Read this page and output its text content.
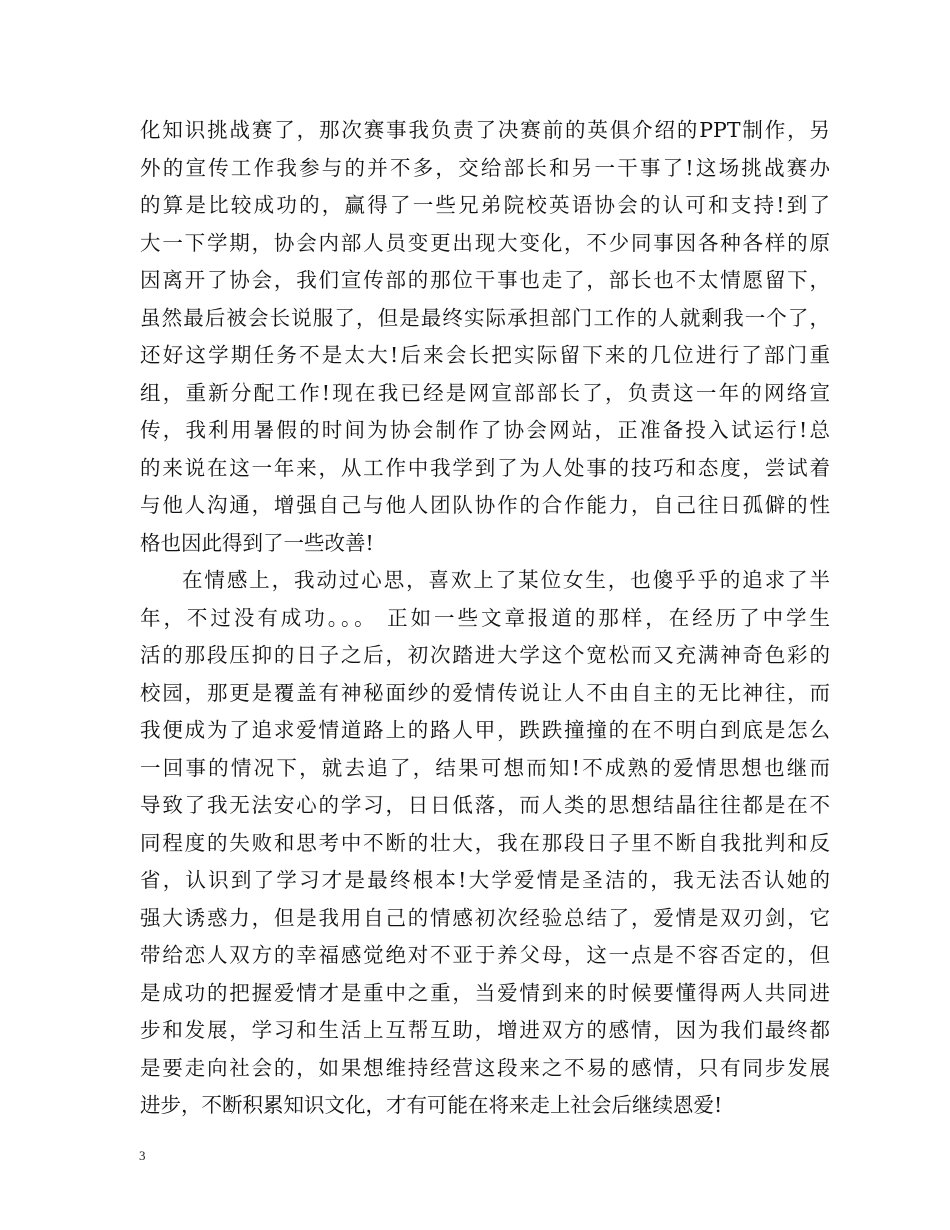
化知识挑战赛了，那次赛事我负责了决赛前的英俱介绍的PPT制作，另
外的宣传工作我参与的并不多，交给部长和另一干事了!这场挑战赛办
的算是比较成功的，赢得了一些兄弟院校英语协会的认可和支持!到了
大一下学期，协会内部人员变更出现大变化，不少同事因各种各样的原
因离开了协会，我们宣传部的那位干事也走了，部长也不太情愿留下，
虽然最后被会长说服了，但是最终实际承担部门工作的人就剩我一个了，
还好这学期任务不是太大!后来会长把实际留下来的几位进行了部门重
组，重新分配工作!现在我已经是网宣部部长了，负责这一年的网络宣
传，我利用暑假的时间为协会制作了协会网站，正准备投入试运行!总
的来说在这一年来，从工作中我学到了为人处事的技巧和态度，尝试着
与他人沟通，增强自己与他人团队协作的合作能力，自己往日孤僻的性
格也因此得到了一些改善!
在情感上，我动过心思，喜欢上了某位女生，也傻乎乎的追求了半
年，不过没有成功。。。 正如一些文章报道的那样，在经历了中学生
活的那段压抑的日子之后，初次踏进大学这个宽松而又充满神奇色彩的
校园，那更是覆盖有神秘面纱的爱情传说让人不由自主的无比神往，而
我便成为了追求爱情道路上的路人甲，跌跌撞撞的在不明白到底是怎么
一回事的情况下，就去追了，结果可想而知!不成熟的爱情思想也继而
导致了我无法安心的学习，日日低落，而人类的思想结晶往往都是在不
同程度的失败和思考中不断的壮大，我在那段日子里不断自我批判和反
省，认识到了学习才是最终根本!大学爱情是圣洁的，我无法否认她的
强大诱惑力，但是我用自己的情感初次经验总结了，爱情是双刃剑，它
带给恋人双方的幸福感觉绝对不亚于养父母，这一点是不容否定的，但
是成功的把握爱情才是重中之重，当爱情到来的时候要懂得两人共同进
步和发展，学习和生活上互帮互助，增进双方的感情，因为我们最终都
是要走向社会的，如果想维持经营这段来之不易的感情，只有同步发展
进步，不断积累知识文化，才有可能在将来走上社会后继续恩爱!
3
